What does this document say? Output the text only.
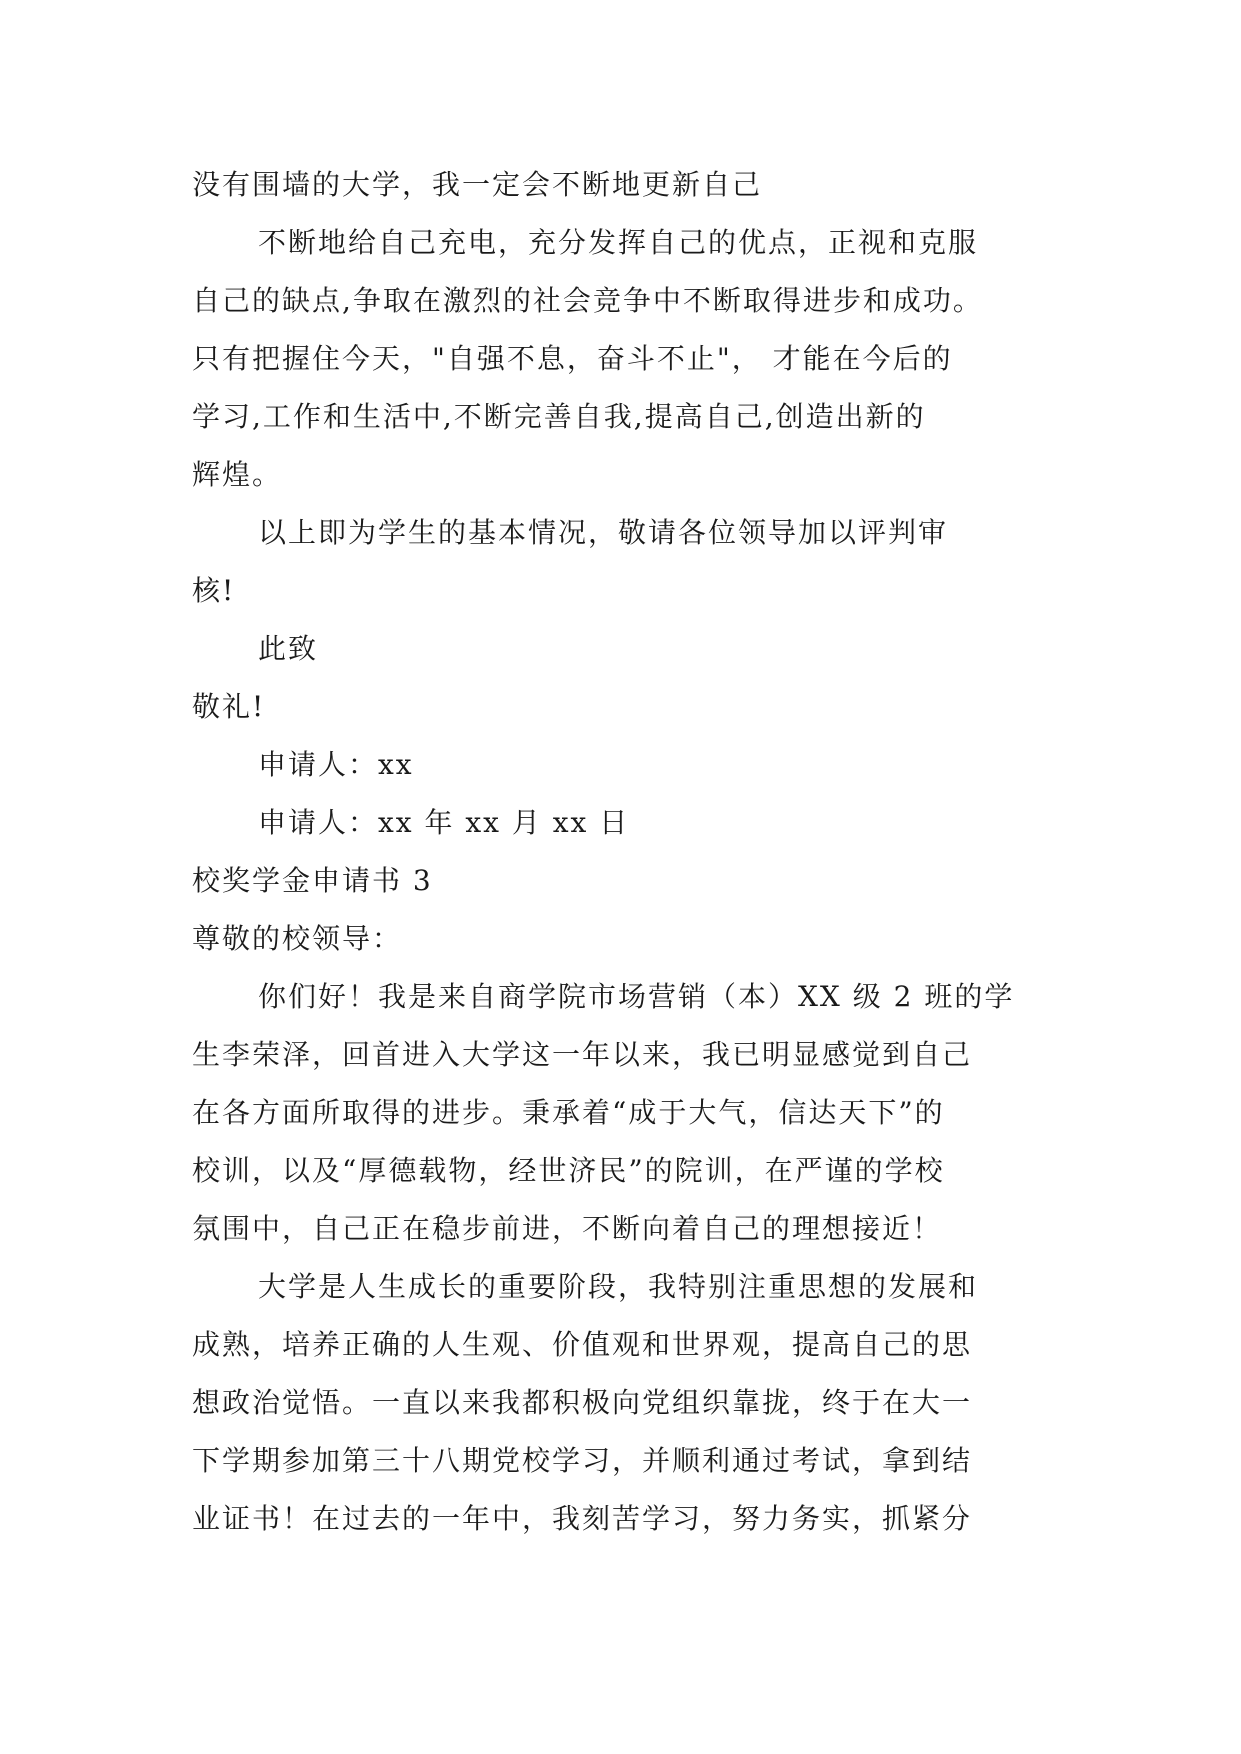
没有围墙的大学，我一定会不断地更新自己
不断地给自己充电，充分发挥自己的优点，正视和克服
自己的缺点,争取在激烈的社会竞争中不断取得进步和成功。
只有把握住今天，"自强不息，奋斗不止"， 才能在今后的
学习,工作和生活中,不断完善自我,提高自己,创造出新的
辉煌。
以上即为学生的基本情况，敬请各位领导加以评判审
核!
此致
敬礼!
申请人：xx
申请人：xx 年 xx 月 xx 日
校奖学金申请书 3
尊敬的校领导：
你们好！我是来自商学院市场营销（本）XX 级 2 班的学
生李荣泽，回首进入大学这一年以来，我已明显感觉到自己
在各方面所取得的进步。秉承着“成于大气，信达天下”的
校训，以及“厚德载物，经世济民”的院训，在严谨的学校
氛围中，自己正在稳步前进，不断向着自己的理想接近！
大学是人生成长的重要阶段，我特别注重思想的发展和
成熟，培养正确的人生观、价值观和世界观，提高自己的思
想政治觉悟。一直以来我都积极向党组织靠拢，终于在大一
下学期参加第三十八期党校学习，并顺利通过考试，拿到结
业证书！在过去的一年中，我刻苦学习，努力务实，抓紧分
